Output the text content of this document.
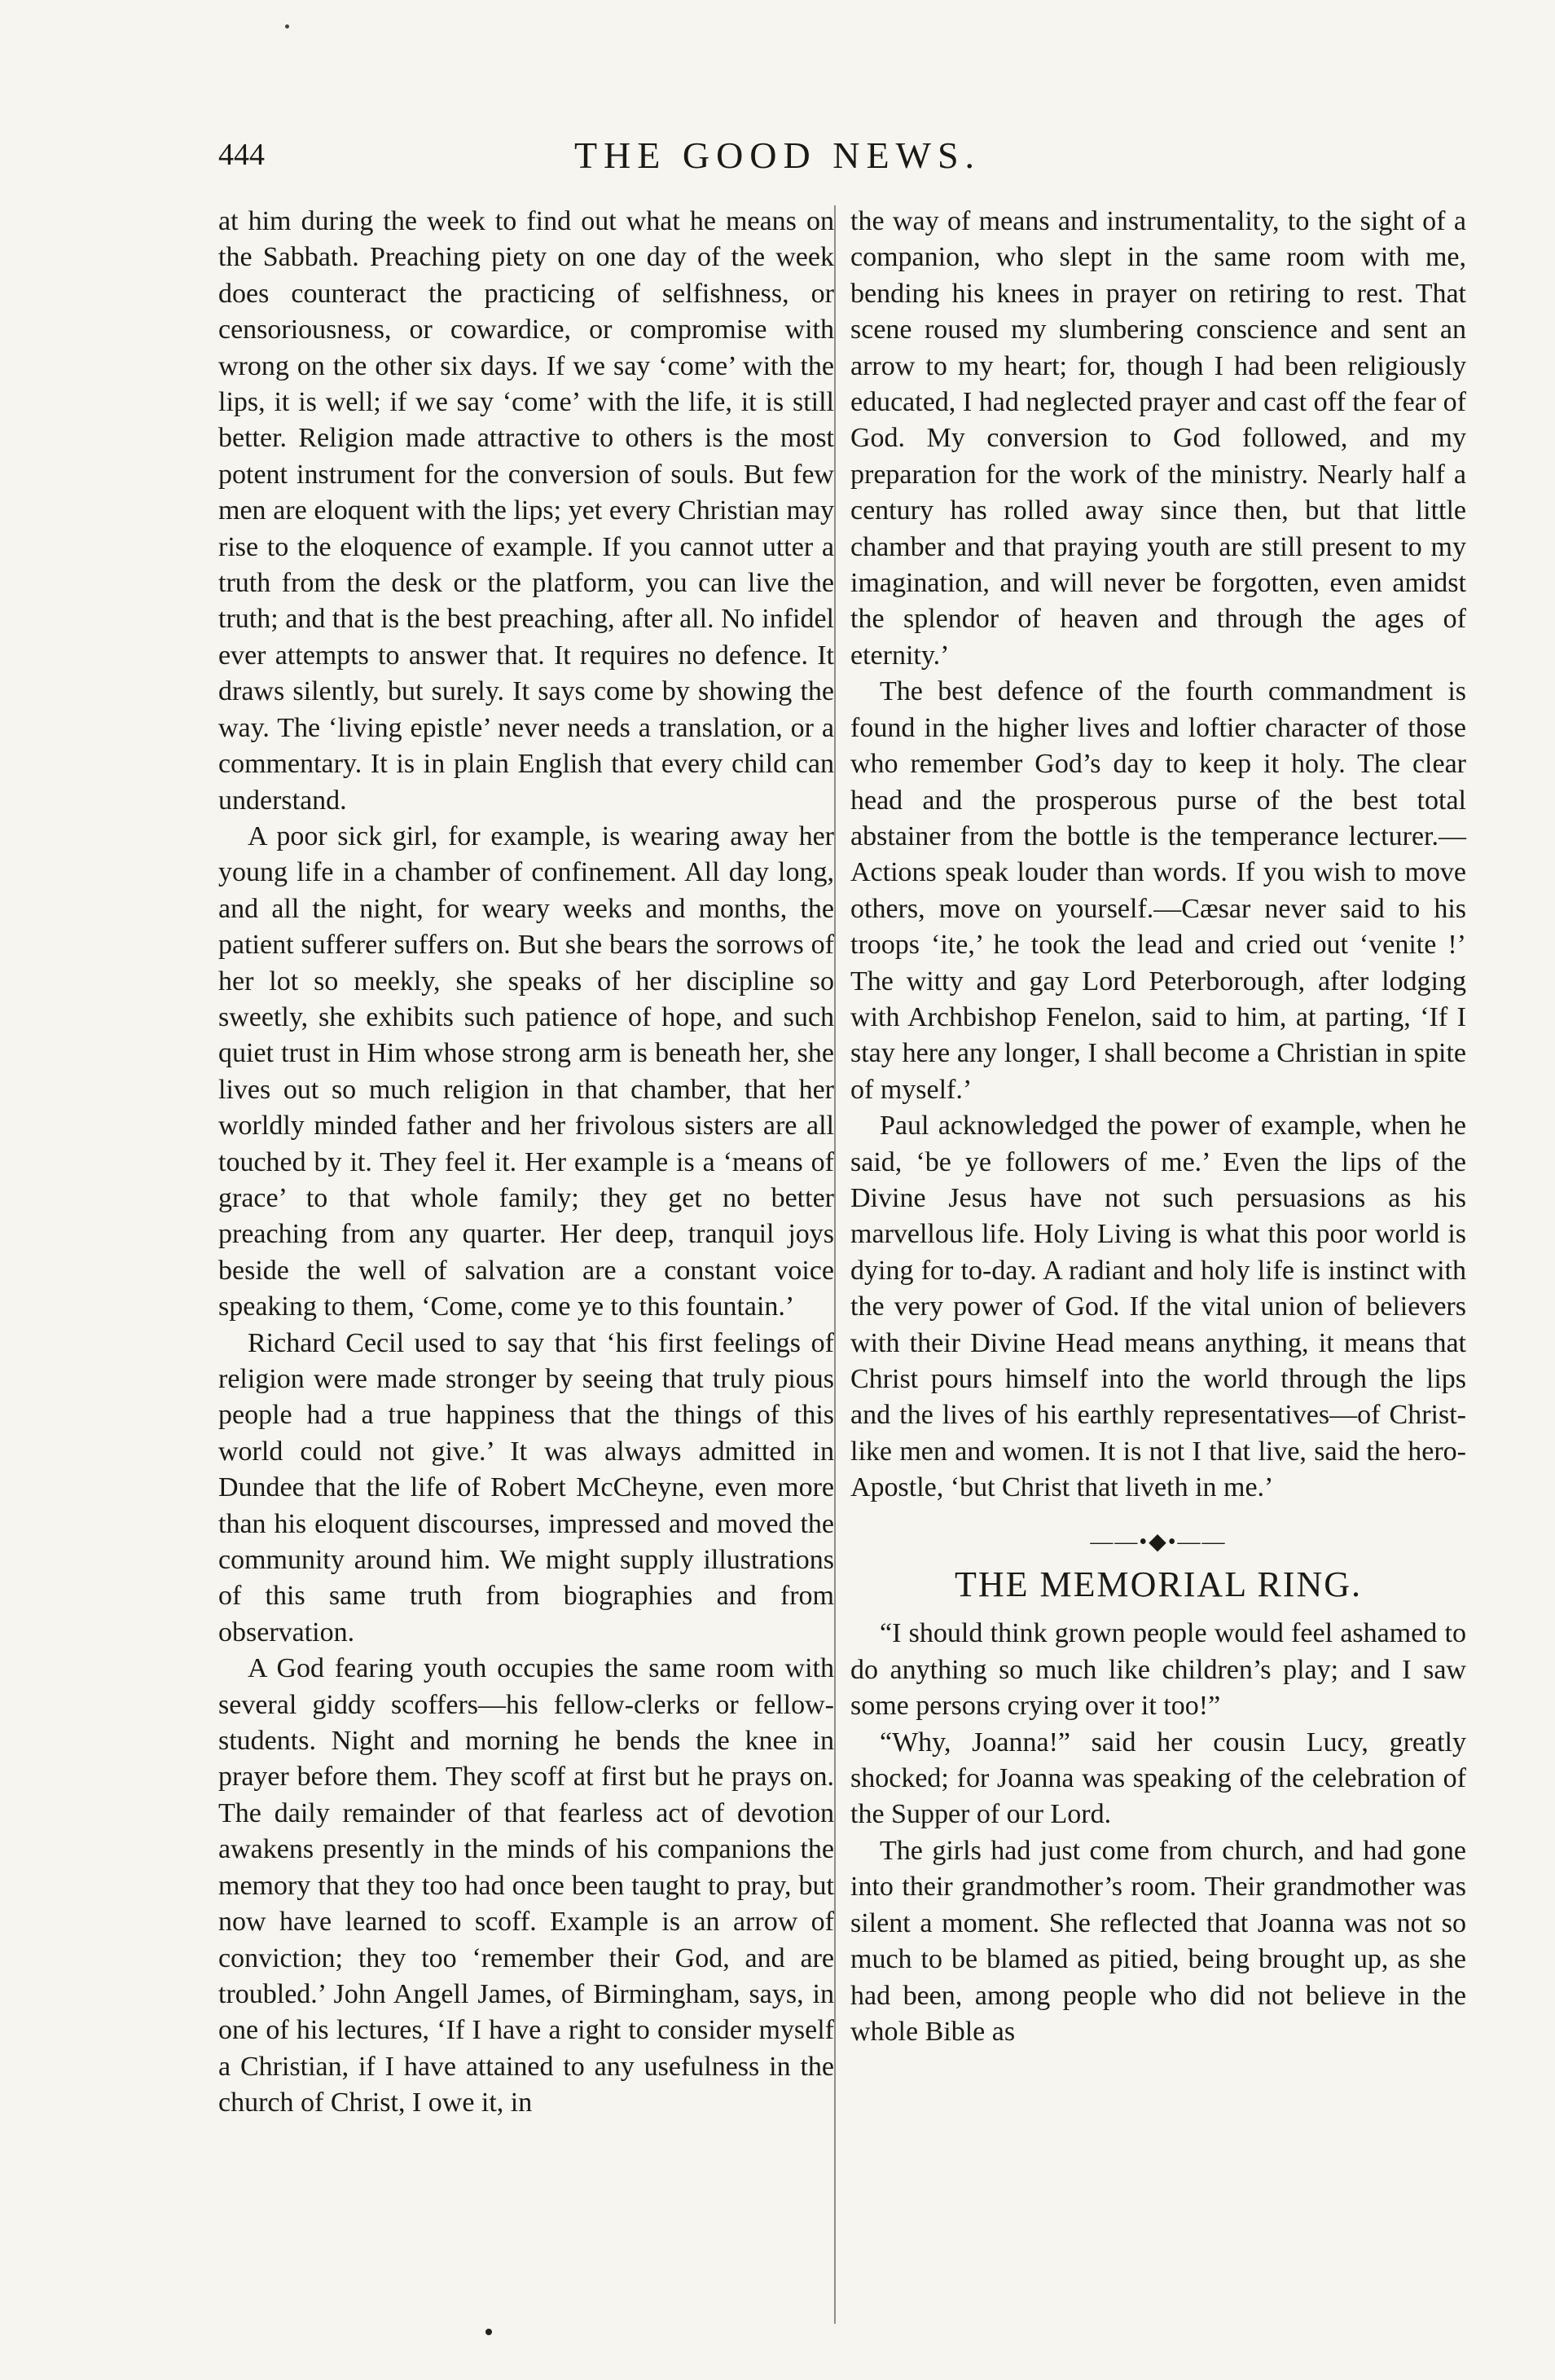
444	THE GOOD NEWS.

at him during the week to find out what he means on the Sabbath. Preaching piety on one day of the week does counteract the practicing of selfishness, or censoriousness, or cowardice, or compromise with wrong on the other six days. If we say ‘come’ with the lips, it is well; if we say ‘come’ with the life, it is still better. Religion made attractive to others is the most potent instrument for the conversion of souls. But few men are eloquent with the lips; yet every Christian may rise to the eloquence of example. If you cannot utter a truth from the desk or the platform, you can live the truth; and that is the best preaching, after all. No infidel ever attempts to answer that. It requires no defence. It draws silently, but surely. It says come by showing the way. The ‘living epistle’ never needs a translation, or a commentary. It is in plain English that every child can understand.

A poor sick girl, for example, is wearing away her young life in a chamber of confinement. All day long, and all the night, for weary weeks and months, the patient sufferer suffers on. But she bears the sorrows of her lot so meekly, she speaks of her discipline so sweetly, she exhibits such patience of hope, and such quiet trust in Him whose strong arm is beneath her, she lives out so much religion in that chamber, that her worldly minded father and her frivolous sisters are all touched by it. They feel it. Her example is a ‘means of grace’ to that whole family; they get no better preaching from any quarter. Her deep, tranquil joys beside the well of salvation are a constant voice speaking to them, ‘Come, come ye to this fountain.’

Richard Cecil used to say that ‘his first feelings of religion were made stronger by seeing that truly pious people had a true happiness that the things of this world could not give.’ It was always admitted in Dundee that the life of Robert McCheyne, even more than his eloquent discourses, impressed and moved the community around him. We might supply illustrations of this same truth from biographies and from observation.

A God fearing youth occupies the same room with several giddy scoffers—his fellow-clerks or fellow-students. Night and morning he bends the knee in prayer before them. They scoff at first but he prays on. The daily remainder of that fearless act of devotion awakens presently in the minds of his companions the memory that they too had once been taught to pray, but now have learned to scoff. Example is an arrow of conviction; they too ‘remember their God, and are troubled.’ John Angell James, of Birmingham, says, in one of his lectures, ‘If I have a right to consider myself a Christian, if I have attained to any usefulness in the church of Christ, I owe it, in

the way of means and instrumentality, to the sight of a companion, who slept in the same room with me, bending his knees in prayer on retiring to rest. That scene roused my slumbering conscience and sent an arrow to my heart; for, though I had been religiously educated, I had neglected prayer and cast off the fear of God. My conversion to God followed, and my preparation for the work of the ministry. Nearly half a century has rolled away since then, but that little chamber and that praying youth are still present to my imagination, and will never be forgotten, even amidst the splendor of heaven and through the ages of eternity.’

The best defence of the fourth commandment is found in the higher lives and loftier character of those who remember God’s day to keep it holy. The clear head and the prosperous purse of the best total abstainer from the bottle is the temperance lecturer.—Actions speak louder than words. If you wish to move others, move on yourself.—Cæsar never said to his troops ‘ite,’ he took the lead and cried out ‘venite !’ The witty and gay Lord Peterborough, after lodging with Archbishop Fenelon, said to him, at parting, ‘If I stay here any longer, I shall become a Christian in spite of myself.’

Paul acknowledged the power of example, when he said, ‘be ye followers of me.’ Even the lips of the Divine Jesus have not such persuasions as his marvellous life. Holy Living is what this poor world is dying for to-day. A radiant and holy life is instinct with the very power of God. If the vital union of believers with their Divine Head means anything, it means that Christ pours himself into the world through the lips and the lives of his earthly representatives—of Christ-like men and women. It is not I that live, said the hero-Apostle, ‘but Christ that liveth in me.’

——•◆•——
THE MEMORIAL RING.

“I should think grown people would feel ashamed to do anything so much like children’s play; and I saw some persons crying over it too!”

“Why, Joanna!” said her cousin Lucy, greatly shocked; for Joanna was speaking of the celebration of the Supper of our Lord.

The girls had just come from church, and had gone into their grandmother’s room. Their grandmother was silent a moment. She reflected that Joanna was not so much to be blamed as pitied, being brought up, as she had been, among people who did not believe in the whole Bible as
